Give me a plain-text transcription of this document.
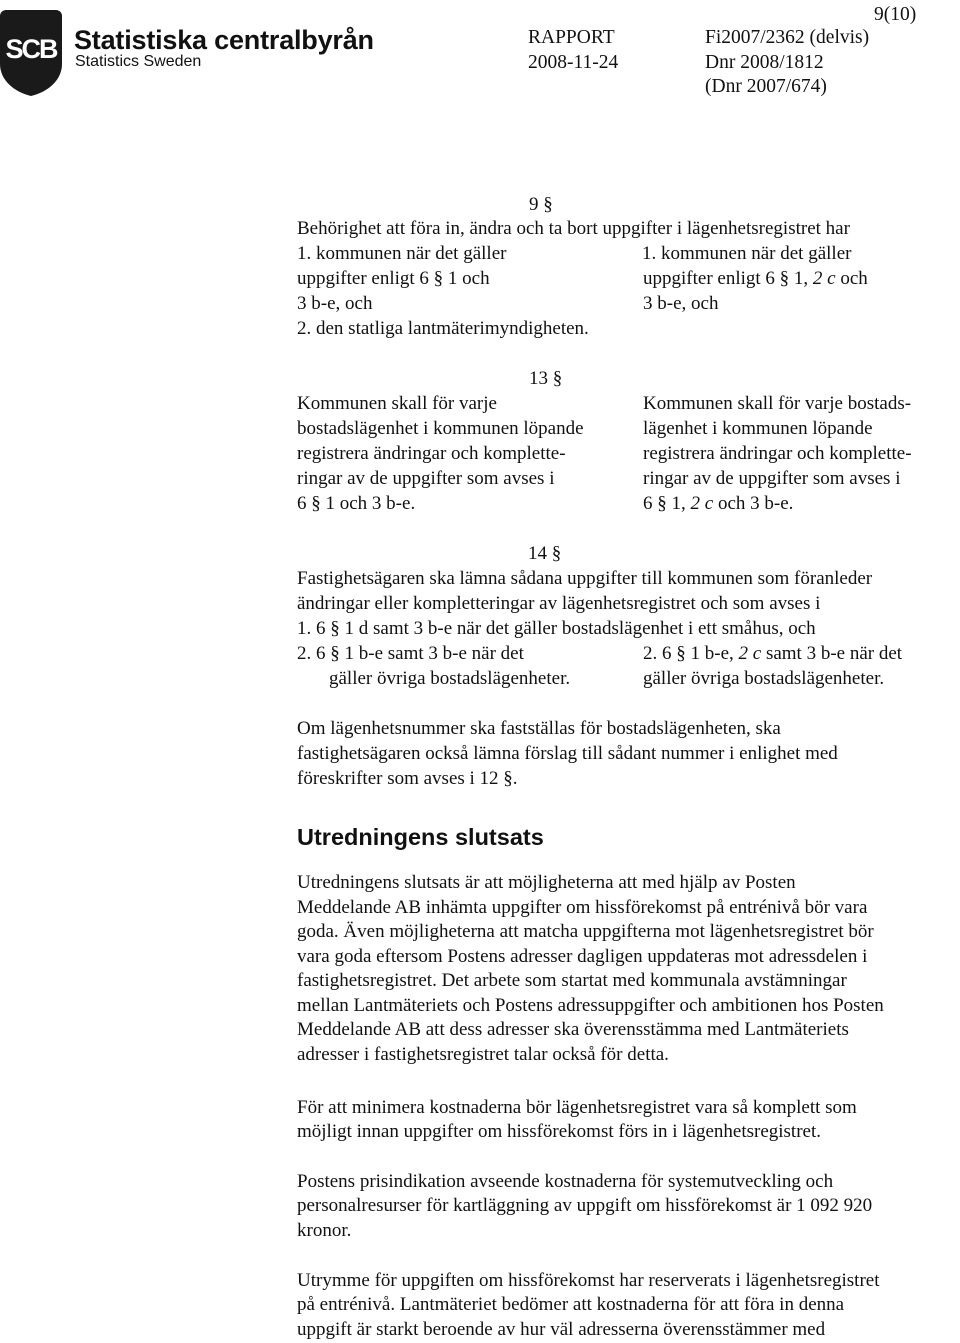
SCB Statistiska centralbyrån
Statistics Sweden
9(10)
RAPPORT
2008-11-24
Fi2007/2362 (delvis)
Dnr 2008/1812
(Dnr 2007/674)
9 §
Behörighet att föra in, ändra och ta bort uppgifter i lägenhetsregistret har
1. kommunen när det gäller
uppgifter enligt 6 § 1 och
3 b-e, och
2. den statliga lantmäterimyndigheten.
1. kommunen när det gäller
uppgifter enligt 6 § 1, 2 c och
3 b-e, och
13 §
Kommunen skall för varje
bostadslägenhet i kommunen löpande
registrera ändringar och komplette-
ringar av de uppgifter som avses i
6 § 1 och 3 b-e.
Kommunen skall för varje bostads-
lägenhet i kommunen löpande
registrera ändringar och komplette-
ringar av de uppgifter som avses i
6 § 1, 2 c och 3 b-e.
14 §
Fastighetsägaren ska lämna sådana uppgifter till kommunen som föranleder
ändringar eller kompletteringar av lägenhetsregistret och som avses i
1. 6 § 1 d samt 3 b-e när det gäller bostadslägenhet i ett småhus, och
2. 6 § 1 b-e samt 3 b-e när det
gäller övriga bostadslägenheter.
2. 6 § 1 b-e, 2 c samt 3 b-e när det
gäller övriga bostadslägenheter.
Om lägenhetsnummer ska fastställas för bostadslägenheten, ska
fastighetsägaren också lämna förslag till sådant nummer i enlighet med
föreskrifter som avses i 12 §.
Utredningens slutsats
Utredningens slutsats är att möjligheterna att med hjälp av Posten
Meddelande AB inhämta uppgifter om hissförekomst på entrénivå bör vara
goda. Även möjligheterna att matcha uppgifterna mot lägenhetsregistret bör
vara goda eftersom Postens adresser dagligen uppdateras mot adressdelen i
fastighetsregistret. Det arbete som startat med kommunala avstämningar
mellan Lantmäteriets och Postens adressuppgifter och ambitionen hos Posten
Meddelande AB att dess adresser ska överensstämma med Lantmäteriets
adresser i fastighetsregistret talar också för detta.
För att minimera kostnaderna bör lägenhetsregistret vara så komplett som
möjligt innan uppgifter om hissförekomst förs in i lägenhetsregistret.
Postens prisindikation avseende kostnaderna för systemutveckling och
personalresurser för kartläggning av uppgift om hissförekomst är 1 092 920
kronor.
Utrymme för uppgiften om hissförekomst har reserverats i lägenhetsregistret
på entrénivå. Lantmäteriet bedömer att kostnaderna för att föra in denna
uppgift är starkt beroende av hur väl adresserna överensstämmer med
